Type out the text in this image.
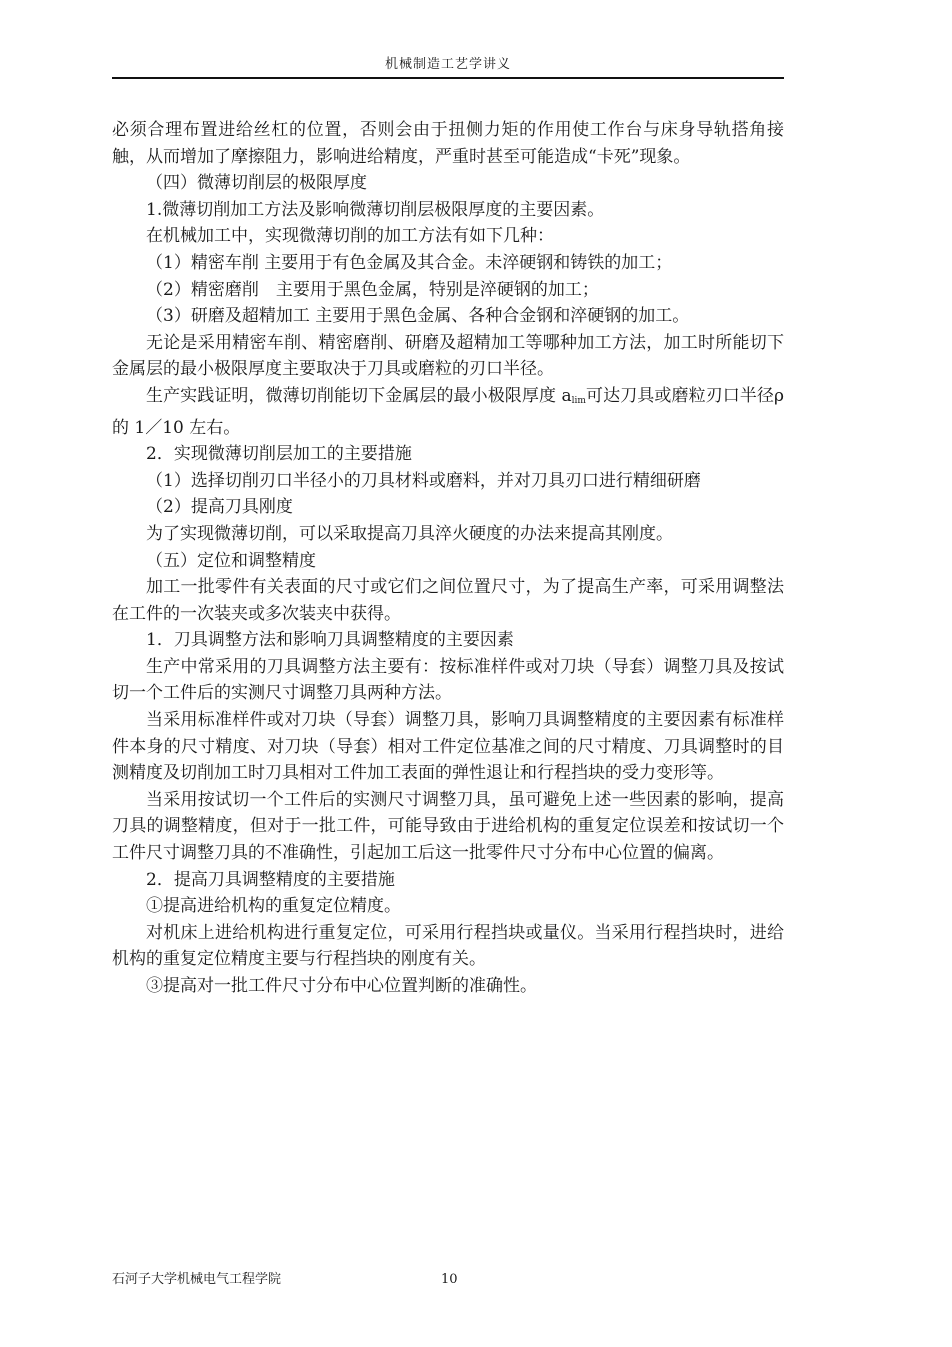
机械制造工艺学讲义

必须合理布置进给丝杠的位置，否则会由于扭侧力矩的作用使工作台与床身导轨搭角接触，从而增加了摩擦阻力，影响进给精度，严重时甚至可能造成“卡死”现象。

（四）微薄切削层的极限厚度

1.微薄切削加工方法及影响微薄切削层极限厚度的主要因素。

在机械加工中，实现微薄切削的加工方法有如下几种：

（1）精密车削 主要用于有色金属及其合金。未淬硬钢和铸铁的加工；

（2）精密磨削　主要用于黑色金属，特别是淬硬钢的加工；

（3）研磨及超精加工 主要用于黑色金属、各种合金钢和淬硬钢的加工。

无论是采用精密车削、精密磨削、研磨及超精加工等哪种加工方法，加工时所能切下金属层的最小极限厚度主要取决于刀具或磨粒的刃口半径。

生产实践证明，微薄切削能切下金属层的最小极限厚度 $a_{lim}$可达刀具或磨粒刃口半径ρ的 1／10 左右。

2．实现微薄切削层加工的主要措施

（1）选择切削刃口半径小的刀具材料或磨料，并对刀具刃口进行精细研磨

（2）提高刀具刚度

为了实现微薄切削，可以采取提高刀具淬火硬度的办法来提高其刚度。

（五）定位和调整精度

加工一批零件有关表面的尺寸或它们之间位置尺寸，为了提高生产率，可采用调整法在工件的一次装夹或多次装夹中获得。

1．刀具调整方法和影响刀具调整精度的主要因素

生产中常采用的刀具调整方法主要有：按标准样件或对刀块（导套）调整刀具及按试切一个工件后的实测尺寸调整刀具两种方法。

当采用标准样件或对刀块（导套）调整刀具，影响刀具调整精度的主要因素有标准样件本身的尺寸精度、对刀块（导套）相对工件定位基准之间的尺寸精度、刀具调整时的目测精度及切削加工时刀具相对工件加工表面的弹性退让和行程挡块的受力变形等。

当采用按试切一个工件后的实测尺寸调整刀具，虽可避免上述一些因素的影响，提高刀具的调整精度，但对于一批工件，可能导致由于进给机构的重复定位误差和按试切一个工件尺寸调整刀具的不准确性，引起加工后这一批零件尺寸分布中心位置的偏离。

2．提高刀具调整精度的主要措施

①提高进给机构的重复定位精度。

对机床上进给机构进行重复定位，可采用行程挡块或量仪。当采用行程挡块时，进给机构的重复定位精度主要与行程挡块的刚度有关。

③提高对一批工件尺寸分布中心位置判断的准确性。

石河子大学机械电气工程学院	10
